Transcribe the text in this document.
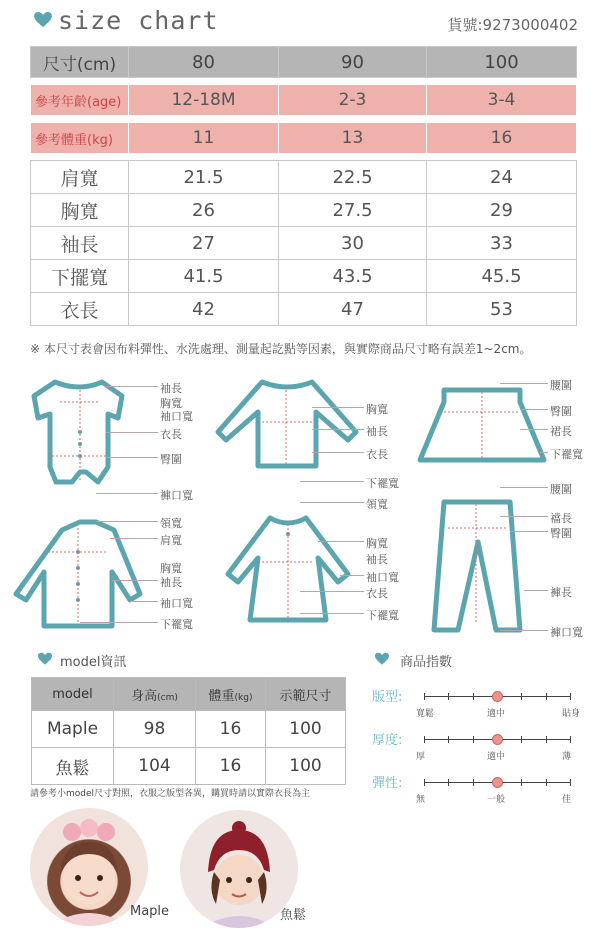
size chart	貨號:9273000402
尺寸(cm)	80	90	100

參考年齡(age)	12-18M	2-3	3-4

參考體重(kg)	11	13	16

肩寬	21.5	22.5	24
胸寬	26	27.5	29
袖長	27	30	33
下擺寬	41.5	43.5	45.5
衣長	42	47	53
※ 本尺寸表會因布料彈性、水洗處理、測量起訖點等因素，與實際商品尺寸略有誤差1~2cm。
袖長
胸寬
袖口寬
衣長
臀圍
褲口寬
胸寬
袖長
衣長
下襬寬
腰圍
臀圍
裙長
下襬寬
領寬
肩寬
胸寬
袖長
袖口寬
下襬寬
領寬
胸寬
袖長
袖口寬
衣長
下襬寬
腰圍
襠長
臀圍
褲長
褲口寬
model資訊
model	身高(cm)	體重(kg)	示範尺寸
Maple	98	16	100
魚鬆	104	16	100
請參考小model尺寸對照，衣服之版型各異，購買時請以實際衣長為主
商品指數
版型:
寬鬆	適中	貼身
厚度:
厚	適中	薄
彈性:
無	一般	佳
Maple	魚鬆
